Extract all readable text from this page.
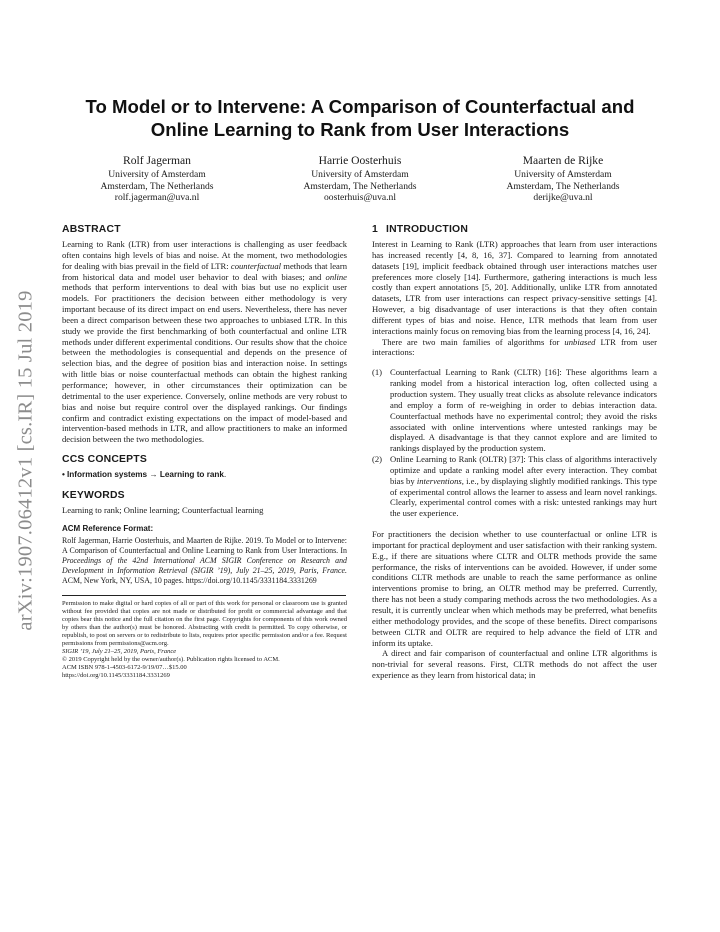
arXiv:1907.06412v1 [cs.IR] 15 Jul 2019
To Model or to Intervene: A Comparison of Counterfactual and
Online Learning to Rank from User Interactions
Rolf Jagerman
University of Amsterdam
Amsterdam, The Netherlands
rolf.jagerman@uva.nl
Harrie Oosterhuis
University of Amsterdam
Amsterdam, The Netherlands
oosterhuis@uva.nl
Maarten de Rijke
University of Amsterdam
Amsterdam, The Netherlands
derijke@uva.nl
ABSTRACT

Learning to Rank (LTR) from user interactions is challenging as user feedback often contains high levels of bias and noise. At the moment, two methodologies for dealing with bias prevail in the field of LTR: counterfactual methods that learn from historical data and model user behavior to deal with biases; and online methods that perform interventions to deal with bias but use no explicit user models. For practitioners the decision between either methodology is very important because of its direct impact on end users. Nevertheless, there has never been a direct comparison between these two approaches to unbiased LTR. In this study we provide the first benchmarking of both counterfactual and online LTR methods under different experimental conditions. Our results show that the choice between the methodologies is consequential and depends on the presence of selection bias, and the degree of position bias and interaction noise. In settings with little bias or noise counterfactual methods can obtain the highest ranking performance; however, in other circumstances their optimization can be detrimental to the user experience. Conversely, online methods are very robust to bias and noise but require control over the displayed rankings. Our findings confirm and contradict existing expectations on the impact of model-based and intervention-based methods in LTR, and allow practitioners to make an informed decision between the two methodologies.

CCS CONCEPTS

• Information systems → Learning to rank.

KEYWORDS

Learning to rank; Online learning; Counterfactual learning

ACM Reference Format:

Rolf Jagerman, Harrie Oosterhuis, and Maarten de Rijke. 2019. To Model or to Intervene: A Comparison of Counterfactual and Online Learning to Rank from User Interactions. In Proceedings of the 42nd International ACM SIGIR Conference on Research and Development in Information Retrieval (SIGIR ’19), July 21–25, 2019, Paris, France. ACM, New York, NY, USA, 10 pages. https://doi.org/10.1145/3331184.3331269

Permission to make digital or hard copies of all or part of this work for personal or classroom use is granted without fee provided that copies are not made or distributed for profit or commercial advantage and that copies bear this notice and the full citation on the first page. Copyrights for components of this work owned by others than the author(s) must be honored. Abstracting with credit is permitted. To copy otherwise, or republish, to post on servers or to redistribute to lists, requires prior specific permission and/or a fee. Request permissions from permissions@acm.org.

SIGIR ’19, July 21–25, 2019, Paris, France

© 2019 Copyright held by the owner/author(s). Publication rights licensed to ACM.

ACM ISBN 978-1-4503-6172-9/19/07…$15.00

https://doi.org/10.1145/3331184.3331269

1 INTRODUCTION

Interest in Learning to Rank (LTR) approaches that learn from user interactions has increased recently [4, 8, 16, 37]. Compared to learning from annotated datasets [19], implicit feedback obtained through user interactions matches user preferences more closely [14]. Furthermore, gathering interactions is much less costly than expert annotations [5, 20]. Additionally, unlike LTR from annotated datasets, LTR from user interactions can respect privacy-sensitive settings [4]. However, a big disadvantage of user interactions is that they often contain different types of bias and noise. Hence, LTR methods that learn from user interactions mainly focus on removing bias from the learning process [4, 16, 24].

There are two main families of algorithms for unbiased LTR from user interactions:

(1) Counterfactual Learning to Rank (CLTR) [16]: These algorithms learn a ranking model from a historical interaction log, often collected using a production system. They usually treat clicks as absolute relevance indicators and employ a form of re-weighing in order to debias interaction data. Counterfactual methods have no experimental control; they avoid the risks associated with online interventions where untested rankings may be displayed. A disadvantage is that they cannot explore and are limited to rankings displayed by the production system.
(2) Online Learning to Rank (OLTR) [37]: This class of algorithms interactively optimize and update a ranking model after every interaction. They combat bias by interventions, i.e., by displaying slightly modified rankings. This type of experimental control allows the learner to assess and learn novel rankings. Clearly, experimental control comes with a risk: untested rankings may hurt the user experience.

For practitioners the decision whether to use counterfactual or online LTR is important for practical deployment and user satisfaction with their ranking system. E.g., if there are situations where CLTR and OLTR methods provide the same performance, the risks of interventions can be avoided. However, if under some conditions CLTR methods are unable to reach the same performance as online interventions promise to bring, an OLTR method may be preferred. Currently, there has not been a study comparing methods across the two methodologies. As a result, it is currently unclear when which methods may be preferred, what benefits either methodology provides, and the scope of these benefits. Direct comparisons between CLTR and OLTR are required to help advance the field of LTR and inform its uptake.

A direct and fair comparison of counterfactual and online LTR algorithms is non-trivial for several reasons. First, CLTR methods do not affect the user experience as they learn from historical data; in
